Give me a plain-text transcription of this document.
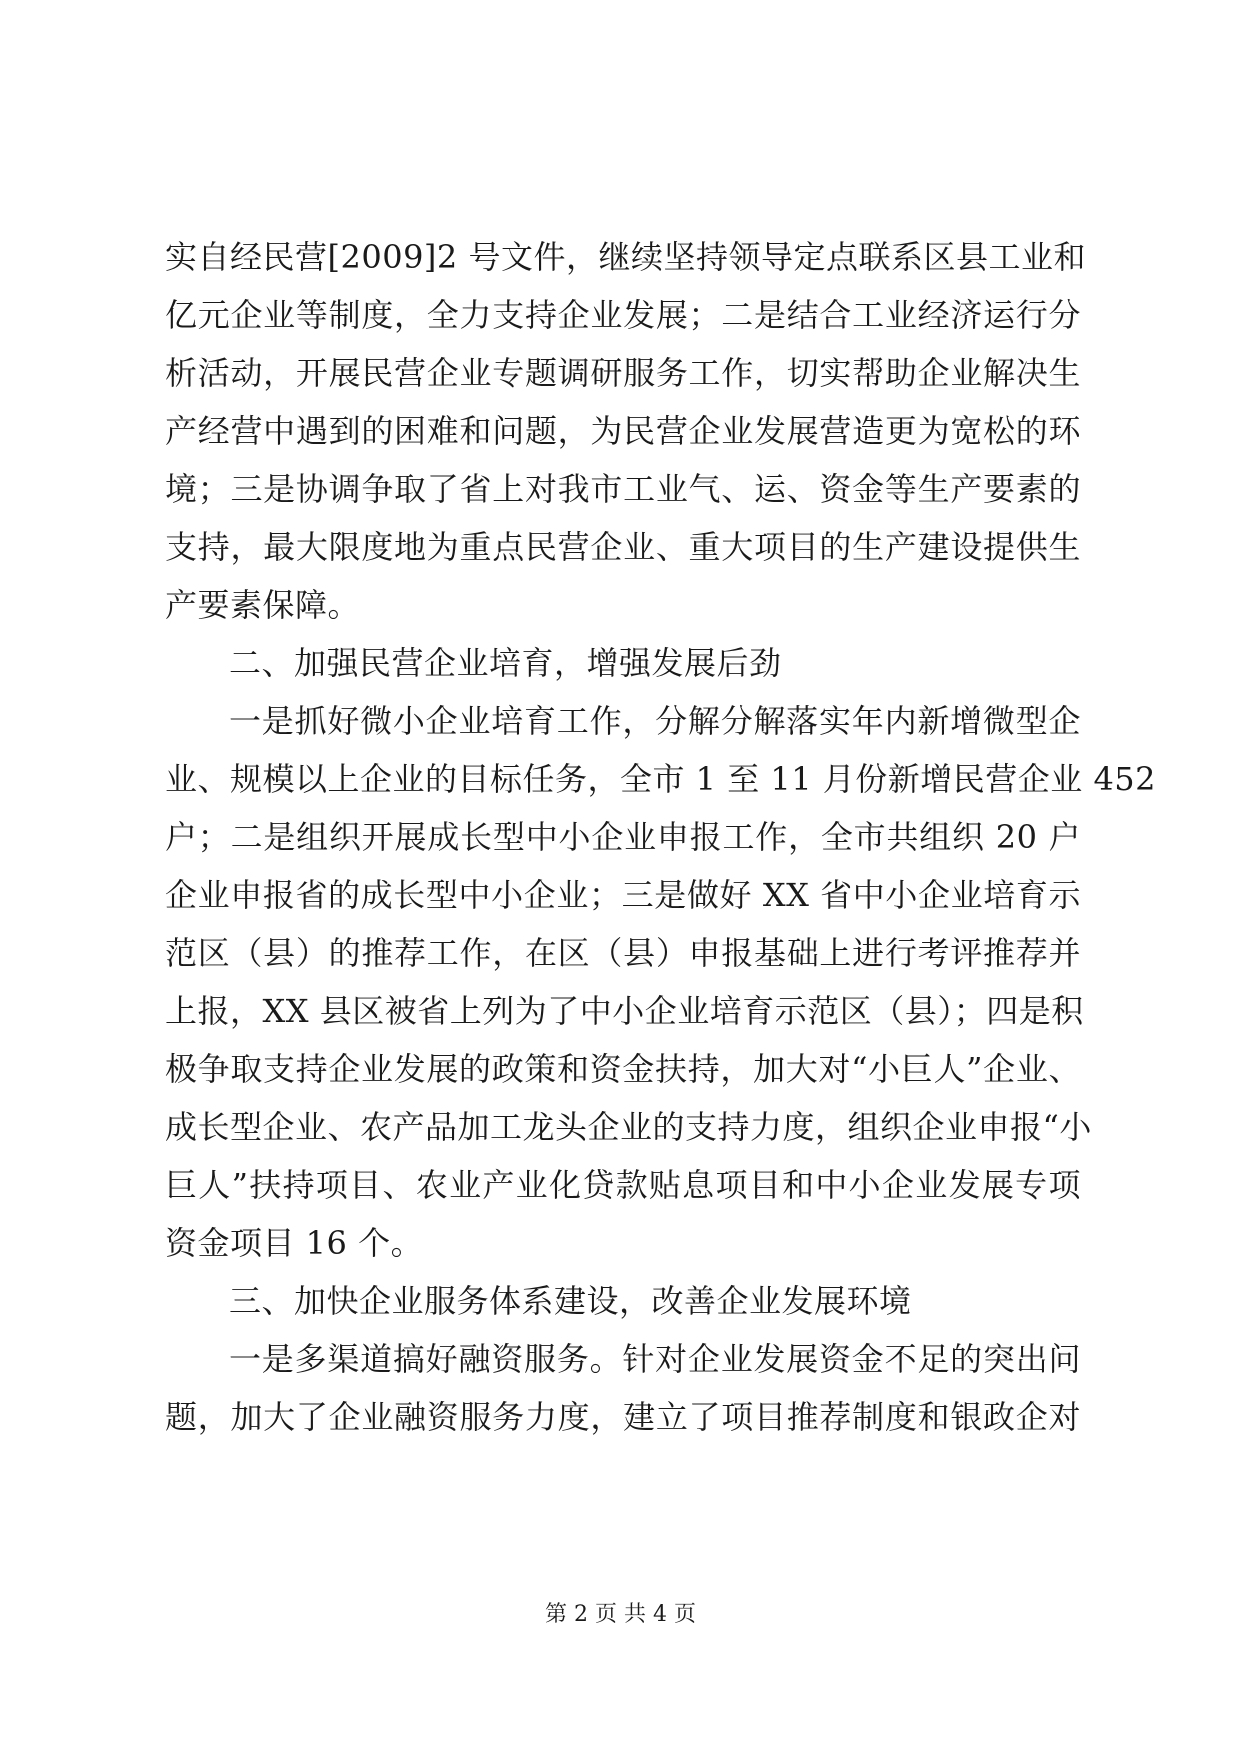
实自经民营[2009]2 号文件，继续坚持领导定点联系区县工业和
亿元企业等制度，全力支持企业发展；二是结合工业经济运行分
析活动，开展民营企业专题调研服务工作，切实帮助企业解决生
产经营中遇到的困难和问题，为民营企业发展营造更为宽松的环
境；三是协调争取了省上对我市工业气、运、资金等生产要素的
支持，最大限度地为重点民营企业、重大项目的生产建设提供生
产要素保障。
二、加强民营企业培育，增强发展后劲
一是抓好微小企业培育工作，分解分解落实年内新增微型企
业、规模以上企业的目标任务，全市 1 至 11 月份新增民营企业 452
户；二是组织开展成长型中小企业申报工作，全市共组织 20 户
企业申报省的成长型中小企业；三是做好 XX 省中小企业培育示
范区（县）的推荐工作，在区（县）申报基础上进行考评推荐并
上报，XX 县区被省上列为了中小企业培育示范区（县）；四是积
极争取支持企业发展的政策和资金扶持，加大对“小巨人”企业、
成长型企业、农产品加工龙头企业的支持力度，组织企业申报“小
巨人”扶持项目、农业产业化贷款贴息项目和中小企业发展专项
资金项目 16 个。
三、加快企业服务体系建设，改善企业发展环境
一是多渠道搞好融资服务。针对企业发展资金不足的突出问
题，加大了企业融资服务力度，建立了项目推荐制度和银政企对
第 2 页 共 4 页
